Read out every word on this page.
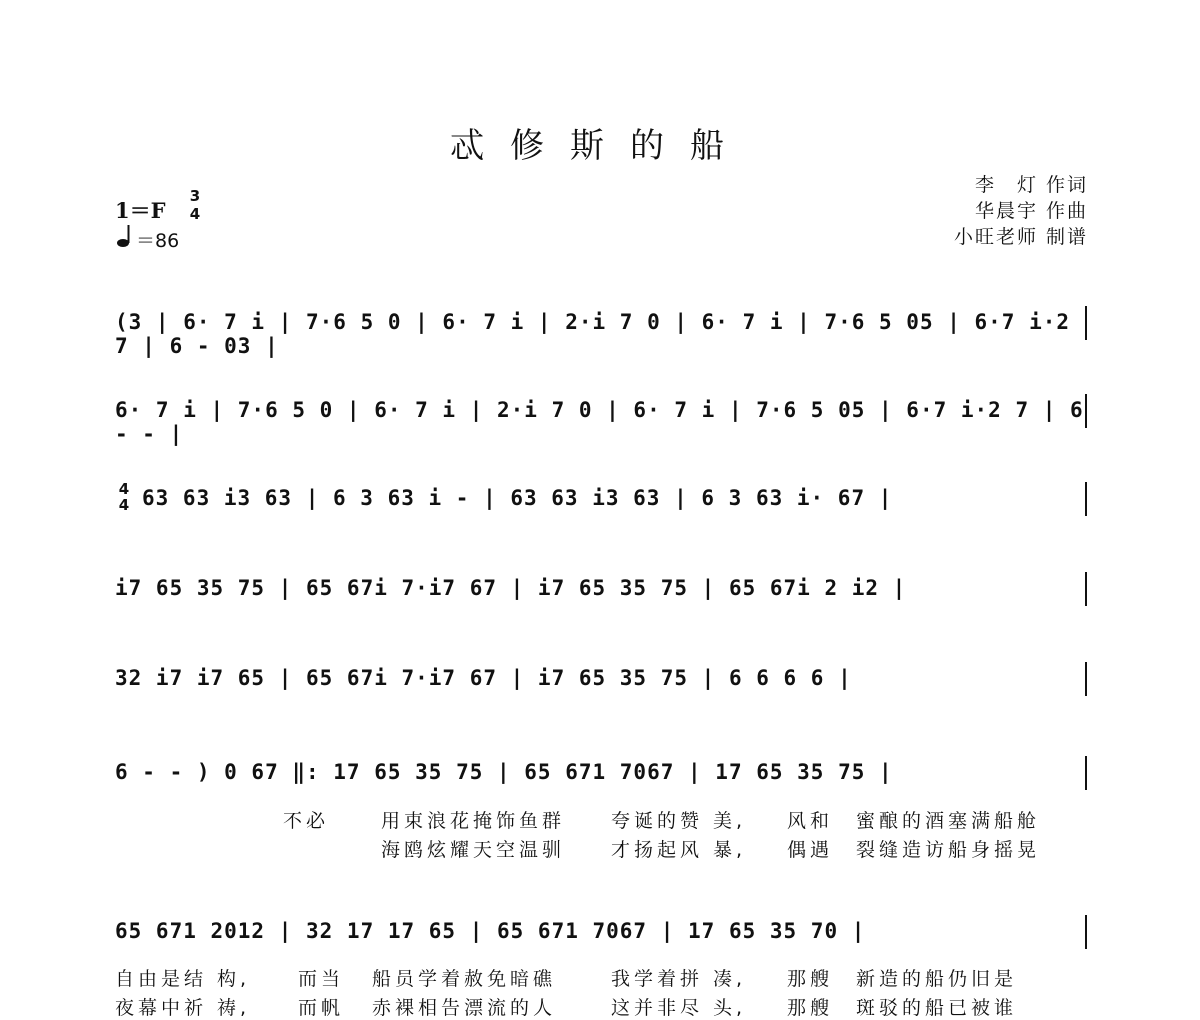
忒修斯的船
李　灯 作词
华晨宇 作曲
小旺老师 制谱
1＝F
3
4
＝86
(3 | 6· 7 i | 7·6 5 0 | 6· 7 i | 2·i 7 0 | 6· 7 i | 7·6 5 05 | 6·7 i·2 7 | 6 - 03 |
6· 7 i | 7·6 5 0 | 6· 7 i | 2·i 7 0 | 6· 7 i | 7·6 5 05 | 6·7 i·2 7 | 6 - - |
4
4 63 63 i3 63 | 6 3 63 i - | 63 63 i3 63 | 6 3 63 i· 67 |
i7 65 35 75 | 65 67i 7·i7 67 | i7 65 35 75 | 65 67i 2 i2 |
32 i7 i7 65 | 65 67i 7·i7 67 | i7 65 35 75 | 6 6 6 6 |
6 - - ) 0 67 ‖: 17 65 35 75 | 65 671 7067 | 17 65 35 75 |
不必	用束浪花掩饰鱼群 夸诞的赞 美, 风和 蜜酿的酒塞满船舱
海鸥炫耀天空温驯 才扬起风 暴, 偶遇 裂缝造访船身摇晃
65 671 2012 | 32 17 17 65 | 65 671 7067 | 17 65 35 70 |
自由是结 构,	而当 船员学着赦免暗礁	我学着拼 凑, 那艘 新造的船仍旧是
夜幕中祈 祷,	而帆 赤裸相告漂流的人	这并非尽 头, 那艘 斑驳的船已被谁
